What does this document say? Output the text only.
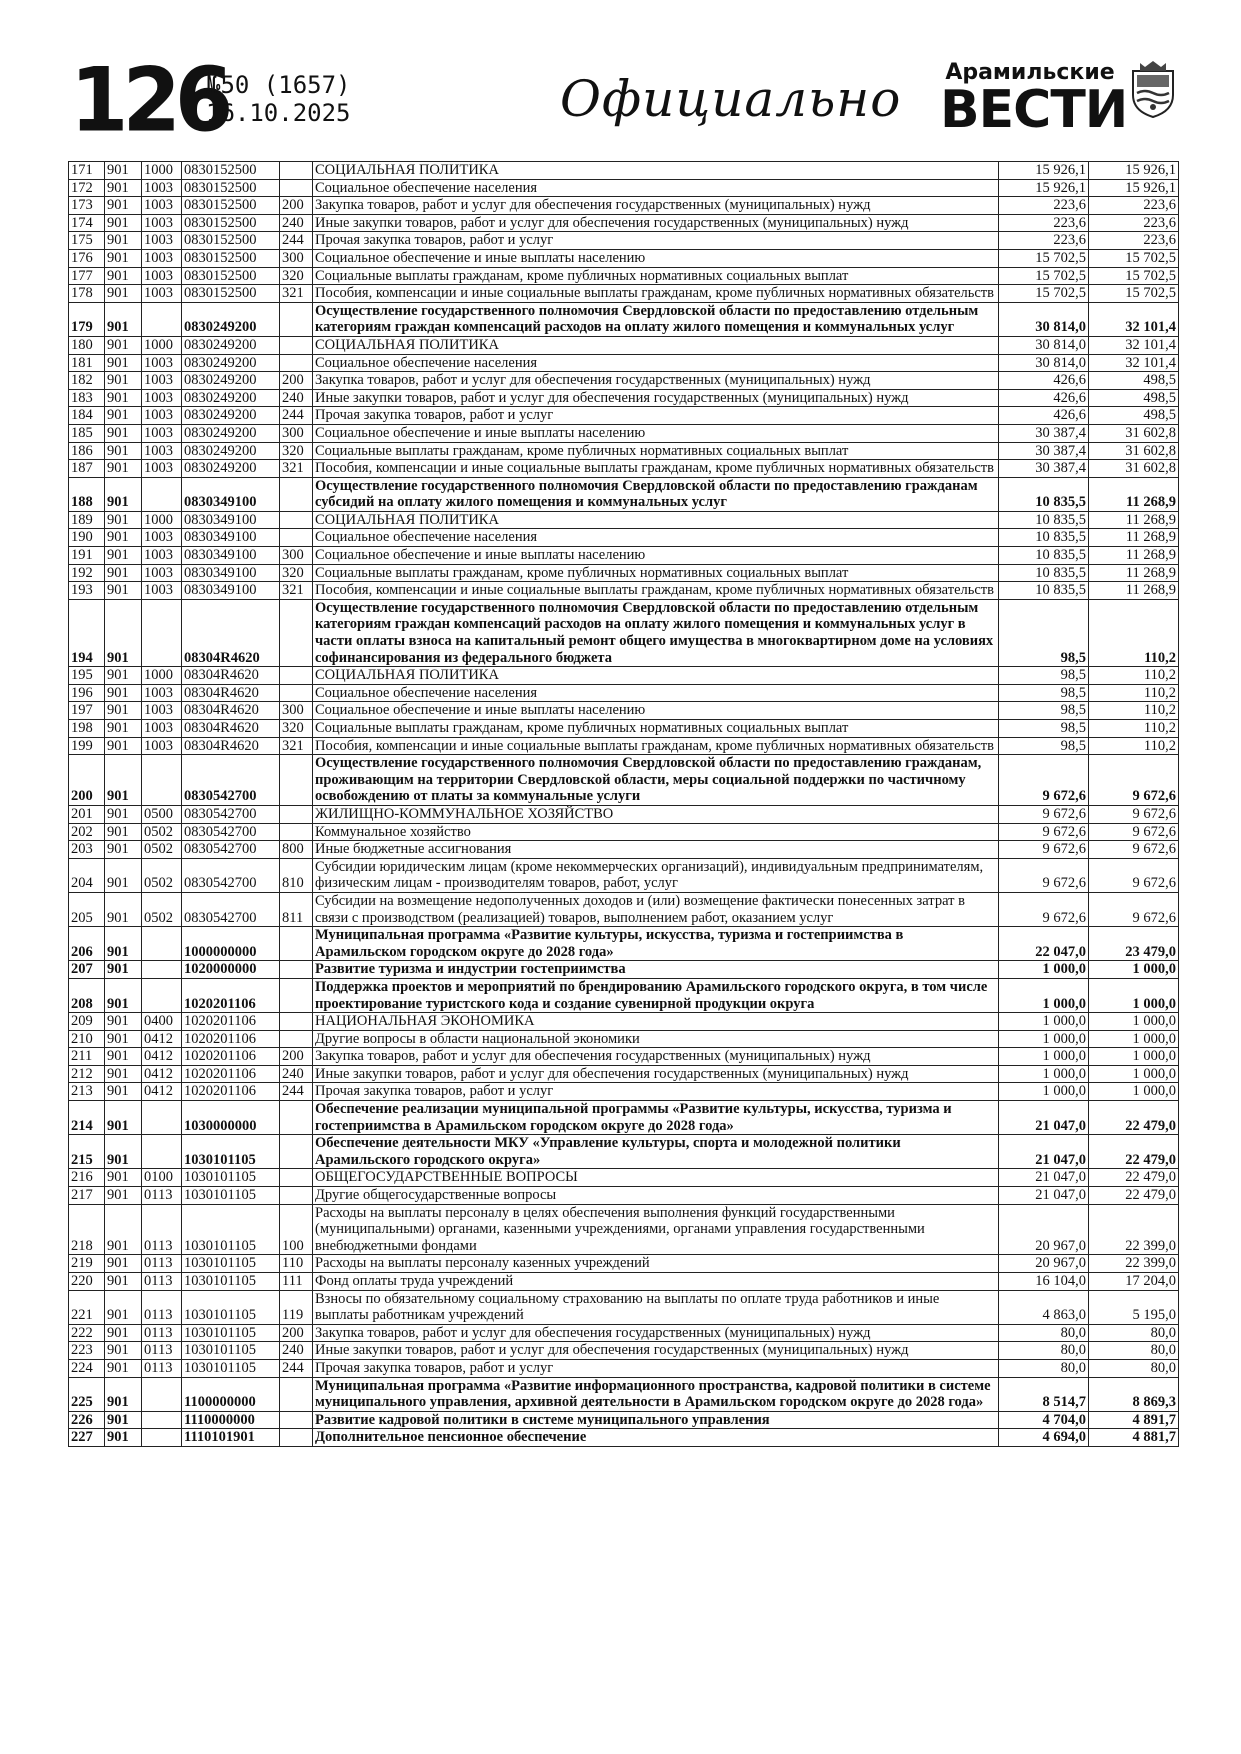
126
№50 (1657)
16.10.2025	Официально Арамильские
ВЕСТИ
171	901	1000	0830152500		СОЦИАЛЬНАЯ ПОЛИТИКА	15 926,1	15 926,1
172	901	1003	0830152500		Социальное обеспечение населения	15 926,1	15 926,1
173	901	1003	0830152500	200	Закупка товаров, работ и услуг для обеспечения государственных (муниципальных) нужд	223,6	223,6
174	901	1003	0830152500	240	Иные закупки товаров, работ и услуг для обеспечения государственных (муниципальных) нужд	223,6	223,6
175	901	1003	0830152500	244	Прочая закупка товаров, работ и услуг	223,6	223,6
176	901	1003	0830152500	300	Социальное обеспечение и иные выплаты населению	15 702,5	15 702,5
177	901	1003	0830152500	320	Социальные выплаты гражданам, кроме публичных нормативных социальных выплат	15 702,5	15 702,5
178	901	1003	0830152500	321	Пособия, компенсации и иные социальные выплаты гражданам, кроме публичных нормативных обязательств	15 702,5	15 702,5
179	901		0830249200		Осуществление государственного полномочия Свердловской области по предоставлению отдельным категориям граждан компенсаций расходов на оплату жилого помещения и коммунальных услуг	30 814,0	32 101,4
180	901	1000	0830249200		СОЦИАЛЬНАЯ ПОЛИТИКА	30 814,0	32 101,4
181	901	1003	0830249200		Социальное обеспечение населения	30 814,0	32 101,4
182	901	1003	0830249200	200	Закупка товаров, работ и услуг для обеспечения государственных (муниципальных) нужд	426,6	498,5
183	901	1003	0830249200	240	Иные закупки товаров, работ и услуг для обеспечения государственных (муниципальных) нужд	426,6	498,5
184	901	1003	0830249200	244	Прочая закупка товаров, работ и услуг	426,6	498,5
185	901	1003	0830249200	300	Социальное обеспечение и иные выплаты населению	30 387,4	31 602,8
186	901	1003	0830249200	320	Социальные выплаты гражданам, кроме публичных нормативных социальных выплат	30 387,4	31 602,8
187	901	1003	0830249200	321	Пособия, компенсации и иные социальные выплаты гражданам, кроме публичных нормативных обязательств	30 387,4	31 602,8
188	901		0830349100		Осуществление государственного полномочия Свердловской области по предоставлению гражданам субсидий на оплату жилого помещения и коммунальных услуг	10 835,5	11 268,9
189	901	1000	0830349100		СОЦИАЛЬНАЯ ПОЛИТИКА	10 835,5	11 268,9
190	901	1003	0830349100		Социальное обеспечение населения	10 835,5	11 268,9
191	901	1003	0830349100	300	Социальное обеспечение и иные выплаты населению	10 835,5	11 268,9
192	901	1003	0830349100	320	Социальные выплаты гражданам, кроме публичных нормативных социальных выплат	10 835,5	11 268,9
193	901	1003	0830349100	321	Пособия, компенсации и иные социальные выплаты гражданам, кроме публичных нормативных обязательств	10 835,5	11 268,9
194	901		08304R4620		Осуществление государственного полномочия Свердловской области по предоставлению отдельным категориям граждан компенсаций расходов на оплату жилого помещения и коммунальных услуг в части оплаты взноса на капитальный ремонт общего имущества в многоквартирном доме на условиях софинансирования из федерального бюджета	98,5	110,2
195	901	1000	08304R4620		СОЦИАЛЬНАЯ ПОЛИТИКА	98,5	110,2
196	901	1003	08304R4620		Социальное обеспечение населения	98,5	110,2
197	901	1003	08304R4620	300	Социальное обеспечение и иные выплаты населению	98,5	110,2
198	901	1003	08304R4620	320	Социальные выплаты гражданам, кроме публичных нормативных социальных выплат	98,5	110,2
199	901	1003	08304R4620	321	Пособия, компенсации и иные социальные выплаты гражданам, кроме публичных нормативных обязательств	98,5	110,2
200	901		0830542700		Осуществление государственного полномочия Свердловской области по предоставлению гражданам, проживающим на территории Свердловской области, меры социальной поддержки по частичному освобождению от платы за коммунальные услуги	9 672,6	9 672,6
201	901	0500	0830542700		ЖИЛИЩНО-КОММУНАЛЬНОЕ ХОЗЯЙСТВО	9 672,6	9 672,6
202	901	0502	0830542700		Коммунальное хозяйство	9 672,6	9 672,6
203	901	0502	0830542700	800	Иные бюджетные ассигнования	9 672,6	9 672,6
204	901	0502	0830542700	810	Субсидии юридическим лицам (кроме некоммерческих организаций), индивидуальным предпринимателям, физическим лицам - производителям товаров, работ, услуг	9 672,6	9 672,6
205	901	0502	0830542700	811	Субсидии на возмещение недополученных доходов и (или) возмещение фактически понесенных затрат в связи с производством (реализацией) товаров, выполнением работ, оказанием услуг	9 672,6	9 672,6
206	901		1000000000		Муниципальная программа «Развитие культуры, искусства, туризма и гостеприимства в Арамильском городском округе до 2028 года»	22 047,0	23 479,0
207	901		1020000000		Развитие туризма и индустрии гостеприимства	1 000,0	1 000,0
208	901		1020201106		Поддержка проектов и мероприятий по брендированию Арамильского городского округа, в том числе проектирование туристского кода и создание сувенирной продукции округа	1 000,0	1 000,0
209	901	0400	1020201106		НАЦИОНАЛЬНАЯ ЭКОНОМИКА	1 000,0	1 000,0
210	901	0412	1020201106		Другие вопросы в области национальной экономики	1 000,0	1 000,0
211	901	0412	1020201106	200	Закупка товаров, работ и услуг для обеспечения государственных (муниципальных) нужд	1 000,0	1 000,0
212	901	0412	1020201106	240	Иные закупки товаров, работ и услуг для обеспечения государственных (муниципальных) нужд	1 000,0	1 000,0
213	901	0412	1020201106	244	Прочая закупка товаров, работ и услуг	1 000,0	1 000,0
214	901		1030000000		Обеспечение реализации муниципальной программы «Развитие культуры, искусства, туризма и гостеприимства в Арамильском городском округе до 2028 года»	21 047,0	22 479,0
215	901		1030101105		Обеспечение деятельности МКУ «Управление культуры, спорта и молодежной политики Арамильского городского округа»	21 047,0	22 479,0
216	901	0100	1030101105		ОБЩЕГОСУДАРСТВЕННЫЕ ВОПРОСЫ	21 047,0	22 479,0
217	901	0113	1030101105		Другие общегосударственные вопросы	21 047,0	22 479,0
218	901	0113	1030101105	100	Расходы на выплаты персоналу в целях обеспечения выполнения функций государственными (муниципальными) органами, казенными учреждениями, органами управления государственными внебюджетными фондами	20 967,0	22 399,0
219	901	0113	1030101105	110	Расходы на выплаты персоналу казенных учреждений	20 967,0	22 399,0
220	901	0113	1030101105	111	Фонд оплаты труда учреждений	16 104,0	17 204,0
221	901	0113	1030101105	119	Взносы по обязательному социальному страхованию на выплаты по оплате труда работников и иные выплаты работникам учреждений	4 863,0	5 195,0
222	901	0113	1030101105	200	Закупка товаров, работ и услуг для обеспечения государственных (муниципальных) нужд	80,0	80,0
223	901	0113	1030101105	240	Иные закупки товаров, работ и услуг для обеспечения государственных (муниципальных) нужд	80,0	80,0
224	901	0113	1030101105	244	Прочая закупка товаров, работ и услуг	80,0	80,0
225	901		1100000000		Муниципальная программа «Развитие информационного пространства, кадровой политики в системе муниципального управления, архивной деятельности в Арамильском городском округе до 2028 года»	8 514,7	8 869,3
226	901		1110000000		Развитие кадровой политики в системе муниципального управления	4 704,0	4 891,7
227	901		1110101901		Дополнительное пенсионное обеспечение	4 694,0	4 881,7
